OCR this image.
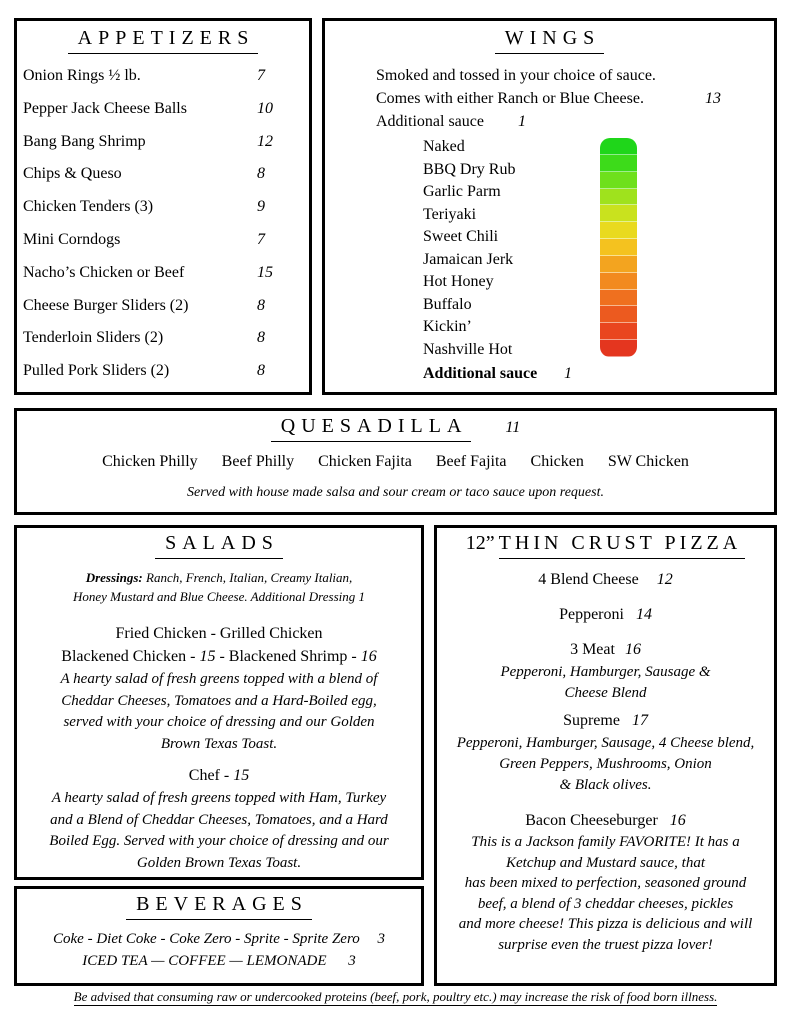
APPETIZERS
Onion Rings ½ lb.	7
Pepper Jack Cheese Balls	10
Bang Bang Shrimp	12
Chips & Queso	8
Chicken Tenders (3)	9
Mini Corndogs	7
Nacho’s Chicken or Beef	15
Cheese Burger Sliders (2)	8
Tenderloin Sliders (2)	8
Pulled Pork Sliders (2)	8
WINGS
Smoked and tossed in your choice of sauce.
Comes with either Ranch or Blue Cheese.	13
Additional sauce 1
Naked
BBQ Dry Rub
Garlic Parm
Teriyaki
Sweet Chili
Jamaican Jerk
Hot Honey
Buffalo
Kickin’
Nashville Hot
Additional sauce 1
QUESADILLA 11
Chicken Philly Beef Philly Chicken Fajita Beef Fajita Chicken SW Chicken
Served with house made salsa and sour cream or taco sauce upon request.
SALADS
Dressings: Ranch, French, Italian, Creamy Italian,
Honey Mustard and Blue Cheese. Additional Dressing 1
Fried Chicken - Grilled Chicken
Blackened Chicken - 15 - Blackened Shrimp - 16
A hearty salad of fresh greens topped with a blend of
Cheddar Cheeses, Tomatoes and a Hard-Boiled egg,
served with your choice of dressing and our Golden
Brown Texas Toast.
Chef - 15
A hearty salad of fresh greens topped with Ham, Turkey
and a Blend of Cheddar Cheeses, Tomatoes, and a Hard
Boiled Egg. Served with your choice of dressing and our
Golden Brown Texas Toast.
BEVERAGES
Coke - Diet Coke - Coke Zero - Sprite - Sprite Zero 3
ICED TEA — COFFEE — LEMONADE 3
12” THIN CRUST PIZZA
4 Blend Cheese 12
Pepperoni 14
3 Meat 16
Pepperoni, Hamburger, Sausage &
Cheese Blend
Supreme 17
Pepperoni, Hamburger, Sausage, 4 Cheese blend,
Green Peppers, Mushrooms, Onion
& Black olives.
Bacon Cheeseburger 16
This is a Jackson family FAVORITE! It has a
Ketchup and Mustard sauce, that
has been mixed to perfection, seasoned ground
beef, a blend of 3 cheddar cheeses, pickles
and more cheese! This pizza is delicious and will
surprise even the truest pizza lover!
Be advised that consuming raw or undercooked proteins (beef, pork, poultry etc.) may increase the risk of food born illness.
